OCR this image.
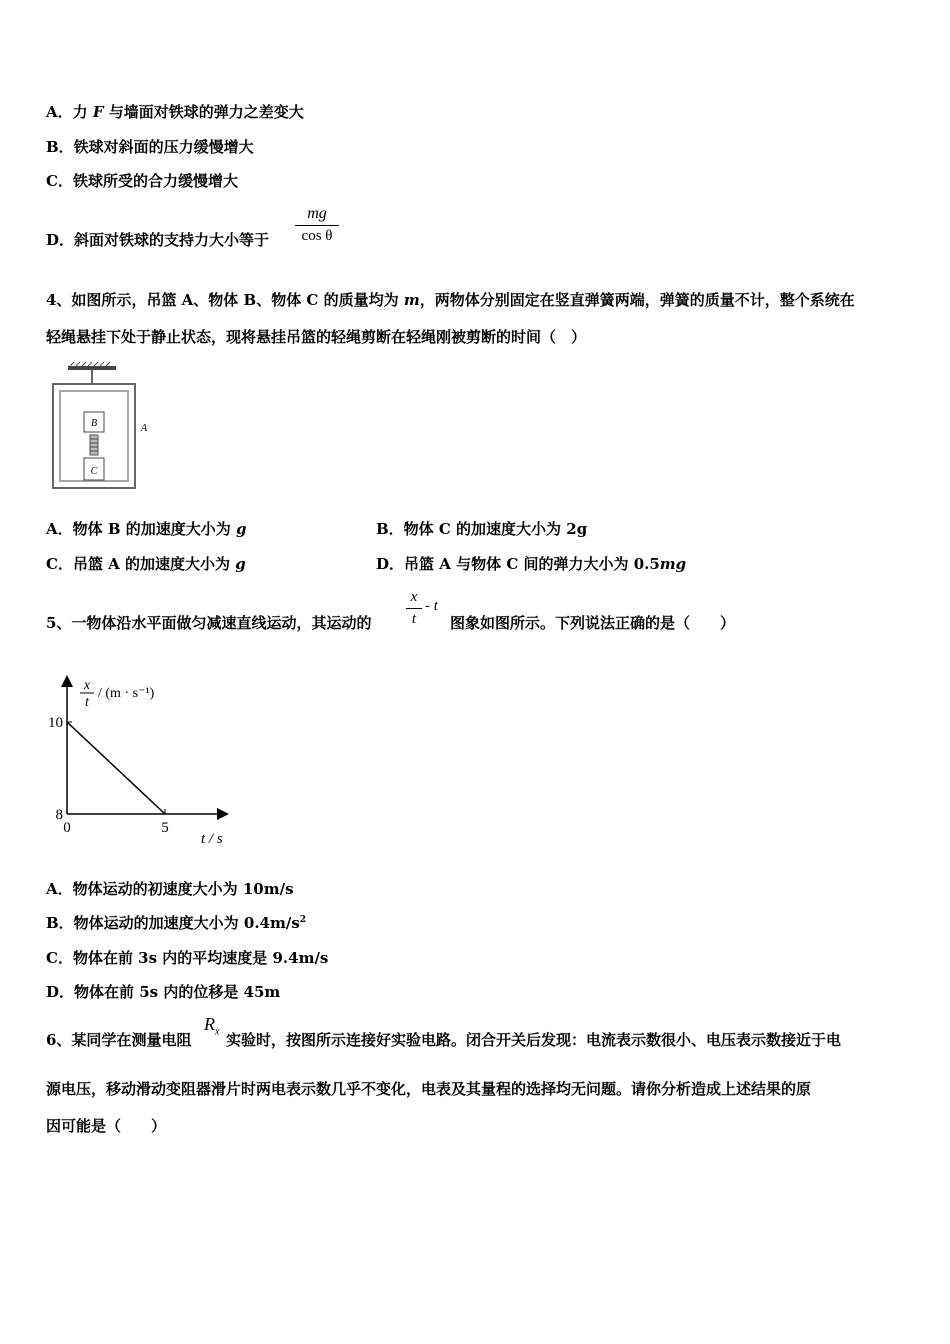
A．力 F 与墙面对铁球的弹力之差变大
B．铁球对斜面的压力缓慢增大
C．铁球所受的合力缓慢增大
D．斜面对铁球的支持力大小等于
mg
cos θ
4、如图所示，吊篮 A、物体 B、物体 C 的质量均为 m，两物体分别固定在竖直弹簧两端，弹簧的质量不计，整个系统在
轻绳悬挂下处于静止状态，现将悬挂吊篮的轻绳剪断在轻绳刚被剪断的时间（　）
B
C
A
A．物体 B 的加速度大小为 g	B．物体 C 的加速度大小为 2g
C．吊篮 A 的加速度大小为 g	D．吊篮 A 与物体 C 间的弹力大小为 0.5mg
5、一物体沿水平面做匀减速直线运动，其运动的
x
t
- t
图象如图所示。下列说法正确的是（　　）
8
10
0	5
x
t
/ (m · s⁻¹)
t / s
A．物体运动的初速度大小为 10m/s
B．物体运动的加速度大小为 $0.4m/s^2$
C．物体在前 3s 内的平均速度是 9.4m/s
D．物体在前 5s 内的位移是 45m
6、某同学在测量电阻
$R_x$ 实验时，按图所示连接好实验电路。闭合开关后发现：电流表示数很小、电压表示数接近于电
源电压，移动滑动变阻器滑片时两电表示数几乎不变化，电表及其量程的选择均无问题。请你分析造成上述结果的原
因可能是（　　）
